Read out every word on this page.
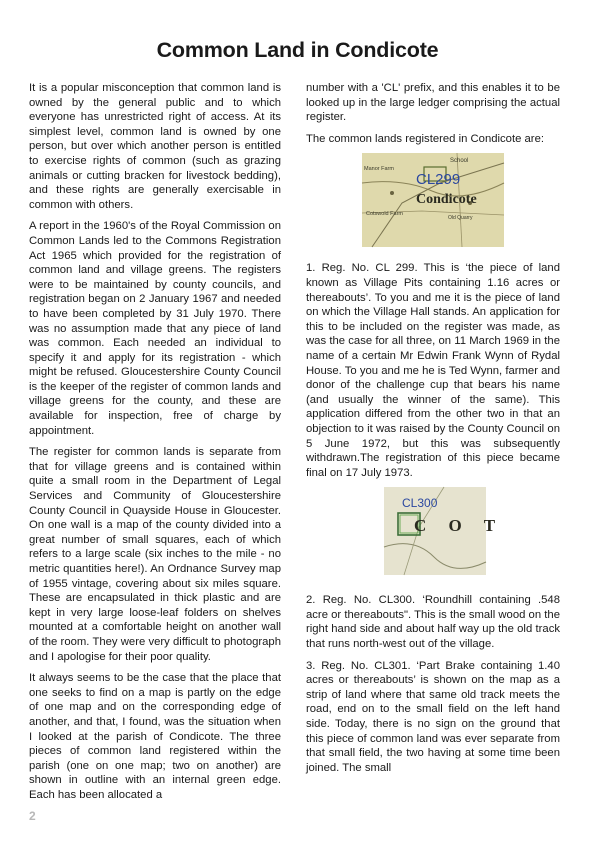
Common Land in Condicote

It is a popular misconception that common land is owned by the general public and to which everyone has unrestricted right of access. At its simplest level, common land is owned by one person, but over which another person is entitled to exercise rights of common (such as grazing animals or cutting bracken for livestock bedding), and these rights are generally exercisable in common with others.

A report in the 1960's of the Royal Commission on Common Lands led to the Commons Registration Act 1965 which provided for the registration of common land and village greens. The registers were to be maintained by county councils, and registration began on 2 January 1967 and needed to have been completed by 31 July 1970. There was no assumption made that any piece of land was common. Each needed an individual to specify it and apply for its registration - which might be refused. Gloucestershire County Council is the keeper of the register of common lands and village greens for the county, and these are available for inspection, free of charge by appointment.

The register for common lands is separate from that for village greens and is contained within quite a small room in the Department of Legal Services and Community of Gloucestershire County Council in Quayside House in Gloucester. On one wall is a map of the county divided into a great number of small squares, each of which refers to a large scale (six inches to the mile - no metric quantities here!). An Ordnance Survey map of 1955 vintage, covering about six miles square. These are encapsulated in thick plastic and are kept in very large loose-leaf folders on shelves mounted at a comfortable height on another wall of the room. They were very difficult to photograph and I apologise for their poor quality.

It always seems to be the case that the place that one seeks to find on a map is partly on the edge of one map and on the corresponding edge of another, and that, I found, was the situation when I looked at the parish of Condicote. The three pieces of common land registered within the parish (one on one map; two on another) are shown in outline with an internal green edge. Each has been allocated a

number with a 'CL' prefix, and this enables it to be looked up in the large ledger comprising the actual register.

The common lands registered in Condicote are:

School
Manor Farm
CL299
Condicote
Cotswold Farm
Old Quarry

1. Reg. No. CL 299. This is ‘the piece of land known as Village Pits containing 1.16 acres or thereabouts’. To you and me it is the piece of land on which the Village Hall stands. An application for this to be included on the register was made, as was the case for all three, on 11 March 1969 in the name of a certain Mr Edwin Frank Wynn of Rydal House. To you and me he is Ted Wynn, farmer and donor of the challenge cup that bears his name (and usually the winner of the same). This application differed from the other two in that an objection to it was raised by the County Council on 5 June 1972, but this was subsequently withdrawn.The registration of this piece became final on 17 July 1973.

CL300
C O T

2. Reg. No. CL300. ‘Roundhill containing .548 acre or thereabouts". This is the small wood on the right hand side and about half way up the old track that runs north-west out of the village.

3. Reg. No. CL301. ‘Part Brake containing 1.40 acres or thereabouts’ is shown on the map as a strip of land where that same old track meets the road, end on to the small field on the left hand side. Today, there is no sign on the ground that this piece of common land was ever separate from that small field, the two having at some time been joined. The small

2
